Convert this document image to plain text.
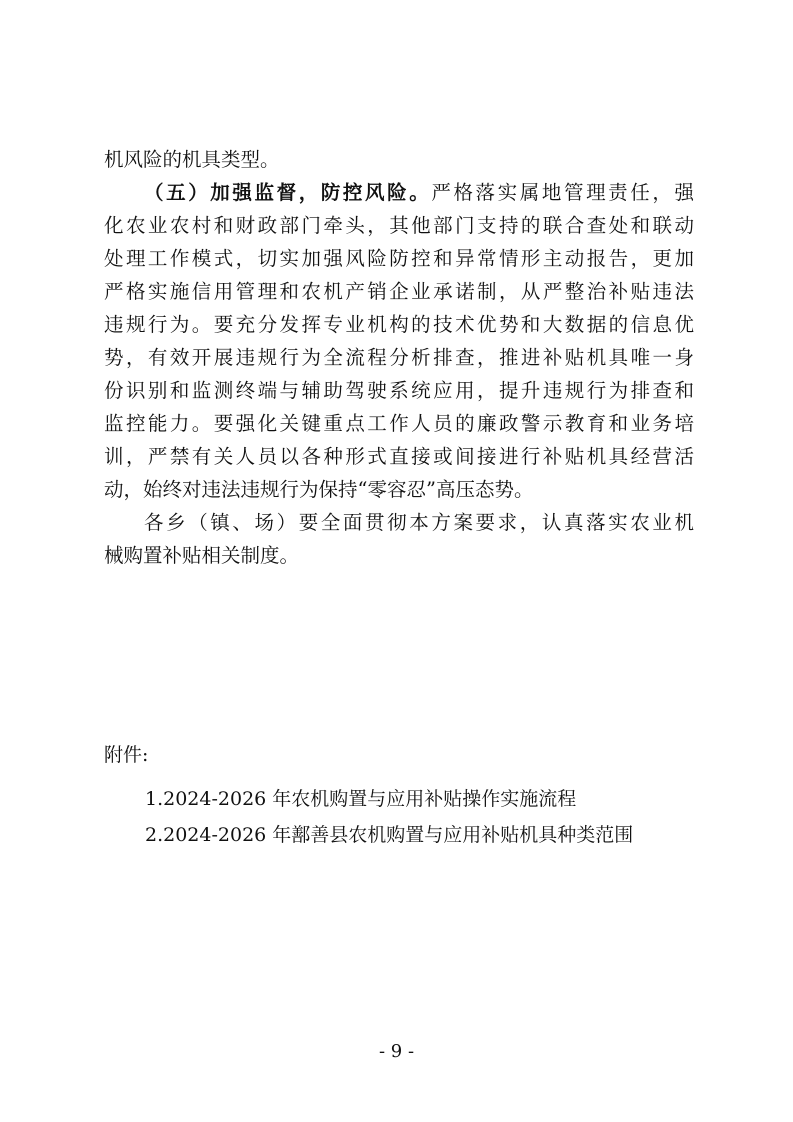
机风险的机具类型。
（五）加强监督，防控风险。严格落实属地管理责任，强
化农业农村和财政部门牵头，其他部门支持的联合查处和联动
处理工作模式，切实加强风险防控和异常情形主动报告，更加
严格实施信用管理和农机产销企业承诺制，从严整治补贴违法
违规行为。要充分发挥专业机构的技术优势和大数据的信息优
势，有效开展违规行为全流程分析排查，推进补贴机具唯一身
份识别和监测终端与辅助驾驶系统应用，提升违规行为排查和
监控能力。要强化关键重点工作人员的廉政警示教育和业务培
训，严禁有关人员以各种形式直接或间接进行补贴机具经营活
动，始终对违法违规行为保持“零容忍”高压态势。
各乡（镇、场）要全面贯彻本方案要求，认真落实农业机
械购置补贴相关制度。
附件:
1.2024-2026 年农机购置与应用补贴操作实施流程
2.2024-2026 年鄯善县农机购置与应用补贴机具种类范围
- 9 -
